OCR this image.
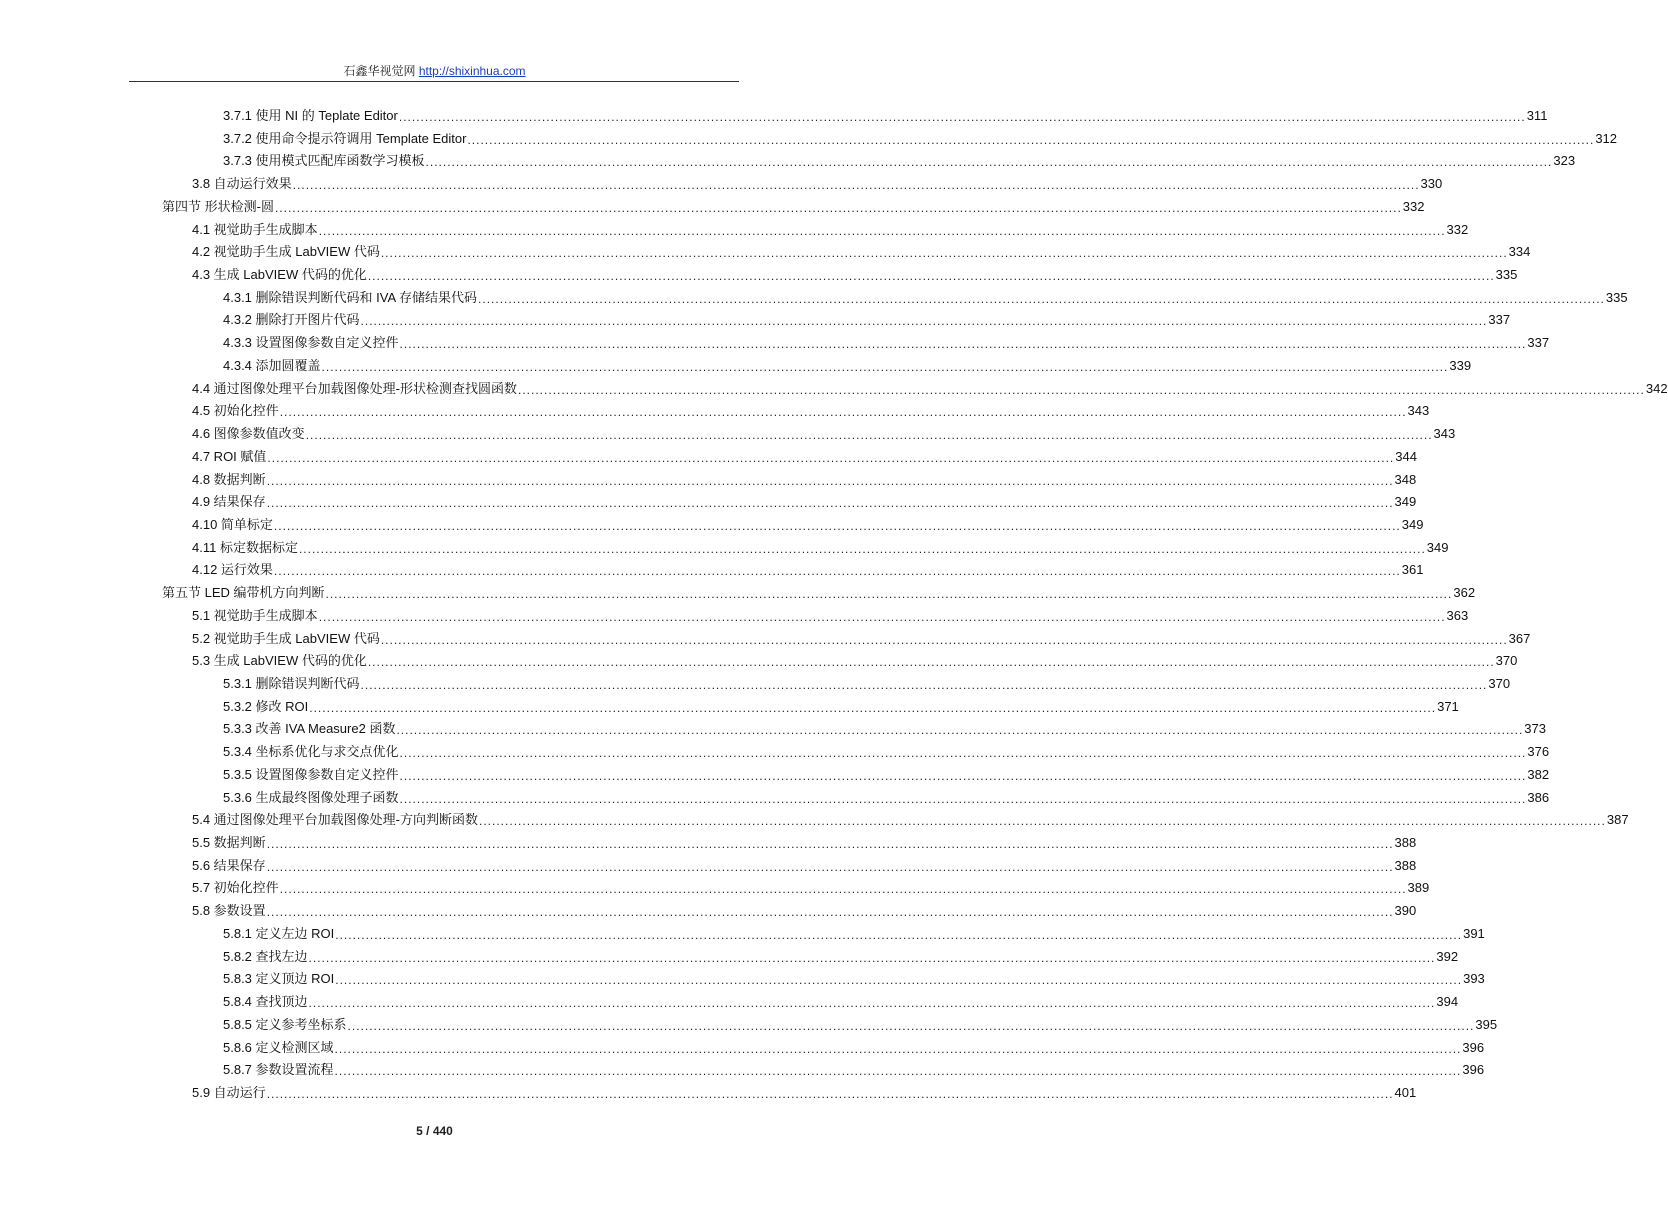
石鑫华视觉网 http://shixinhua.com
3.7.1 使用 NI 的 Teplate Editor .................................................................................................................................................................................................................................................................... 311
3.7.2 使用命令提示符调用 Template Editor .................................................................................................................................................................................................................................................................... 312
3.7.3 使用模式匹配库函数学习模板 .................................................................................................................................................................................................................................................................... 323
3.8 自动运行效果 .................................................................................................................................................................................................................................................................... 330
第四节 形状检测-圆 .................................................................................................................................................................................................................................................................... 332
4.1 视觉助手生成脚本 .................................................................................................................................................................................................................................................................... 332
4.2 视觉助手生成 LabVIEW 代码 .................................................................................................................................................................................................................................................................... 334
4.3 生成 LabVIEW 代码的优化 .................................................................................................................................................................................................................................................................... 335
4.3.1 删除错误判断代码和 IVA 存储结果代码 .................................................................................................................................................................................................................................................................... 335
4.3.2 删除打开图片代码 .................................................................................................................................................................................................................................................................... 337
4.3.3 设置图像参数自定义控件 .................................................................................................................................................................................................................................................................... 337
4.3.4 添加圆覆盖 .................................................................................................................................................................................................................................................................... 339
4.4 通过图像处理平台加载图像处理-形状检测查找圆函数 .................................................................................................................................................................................................................................................................... 342
4.5 初始化控件 .................................................................................................................................................................................................................................................................... 343
4.6 图像参数值改变 .................................................................................................................................................................................................................................................................... 343
4.7 ROI 赋值 .................................................................................................................................................................................................................................................................... 344
4.8 数据判断 .................................................................................................................................................................................................................................................................... 348
4.9 结果保存 .................................................................................................................................................................................................................................................................... 349
4.10 简单标定 .................................................................................................................................................................................................................................................................... 349
4.11 标定数据标定 .................................................................................................................................................................................................................................................................... 349
4.12 运行效果 .................................................................................................................................................................................................................................................................... 361
第五节 LED 编带机方向判断 .................................................................................................................................................................................................................................................................... 362
5.1 视觉助手生成脚本 .................................................................................................................................................................................................................................................................... 363
5.2 视觉助手生成 LabVIEW 代码 .................................................................................................................................................................................................................................................................... 367
5.3 生成 LabVIEW 代码的优化 .................................................................................................................................................................................................................................................................... 370
5.3.1 删除错误判断代码 .................................................................................................................................................................................................................................................................... 370
5.3.2 修改 ROI .................................................................................................................................................................................................................................................................... 371
5.3.3 改善 IVA Measure2 函数 .................................................................................................................................................................................................................................................................... 373
5.3.4 坐标系优化与求交点优化 .................................................................................................................................................................................................................................................................... 376
5.3.5 设置图像参数自定义控件 .................................................................................................................................................................................................................................................................... 382
5.3.6 生成最终图像处理子函数 .................................................................................................................................................................................................................................................................... 386
5.4 通过图像处理平台加载图像处理-方向判断函数 .................................................................................................................................................................................................................................................................... 387
5.5 数据判断 .................................................................................................................................................................................................................................................................... 388
5.6 结果保存 .................................................................................................................................................................................................................................................................... 388
5.7 初始化控件 .................................................................................................................................................................................................................................................................... 389
5.8 参数设置 .................................................................................................................................................................................................................................................................... 390
5.8.1 定义左边 ROI .................................................................................................................................................................................................................................................................... 391
5.8.2 查找左边 .................................................................................................................................................................................................................................................................... 392
5.8.3 定义顶边 ROI .................................................................................................................................................................................................................................................................... 393
5.8.4 查找顶边 .................................................................................................................................................................................................................................................................... 394
5.8.5 定义参考坐标系 .................................................................................................................................................................................................................................................................... 395
5.8.6 定义检测区域 .................................................................................................................................................................................................................................................................... 396
5.8.7 参数设置流程 .................................................................................................................................................................................................................................................................... 396
5.9 自动运行 .................................................................................................................................................................................................................................................................... 401
5 / 440
